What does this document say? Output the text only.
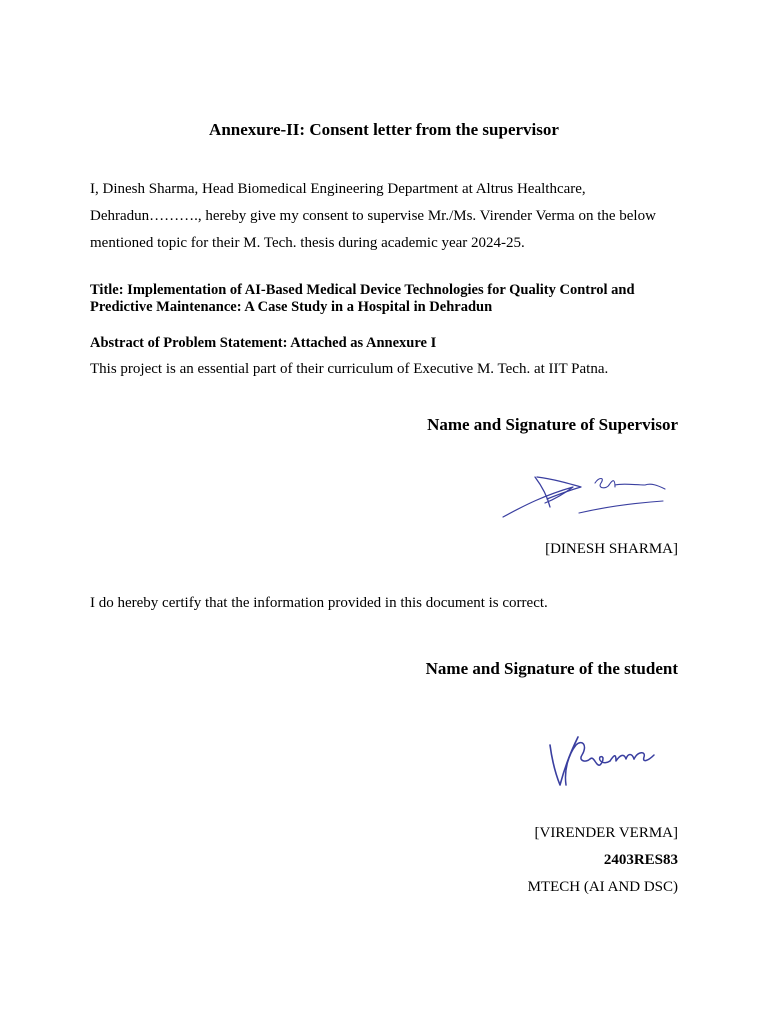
Annexure-II: Consent letter from the supervisor
I, Dinesh Sharma, Head Biomedical Engineering Department at Altrus Healthcare,
Dehradun………., hereby give my consent to supervise Mr./Ms. Virender Verma on the below
mentioned topic for their M. Tech. thesis during academic year 2024-25.
Title: Implementation of AI-Based Medical Device Technologies for Quality Control and Predictive Maintenance: A Case Study in a Hospital in Dehradun
Abstract of Problem Statement: Attached as Annexure I
This project is an essential part of their curriculum of Executive M. Tech. at IIT Patna.
Name and Signature of Supervisor
[DINESH SHARMA]
I do hereby certify that the information provided in this document is correct.
Name and Signature of the student
[VIRENDER VERMA]
2403RES83
MTECH (AI AND DSC)
